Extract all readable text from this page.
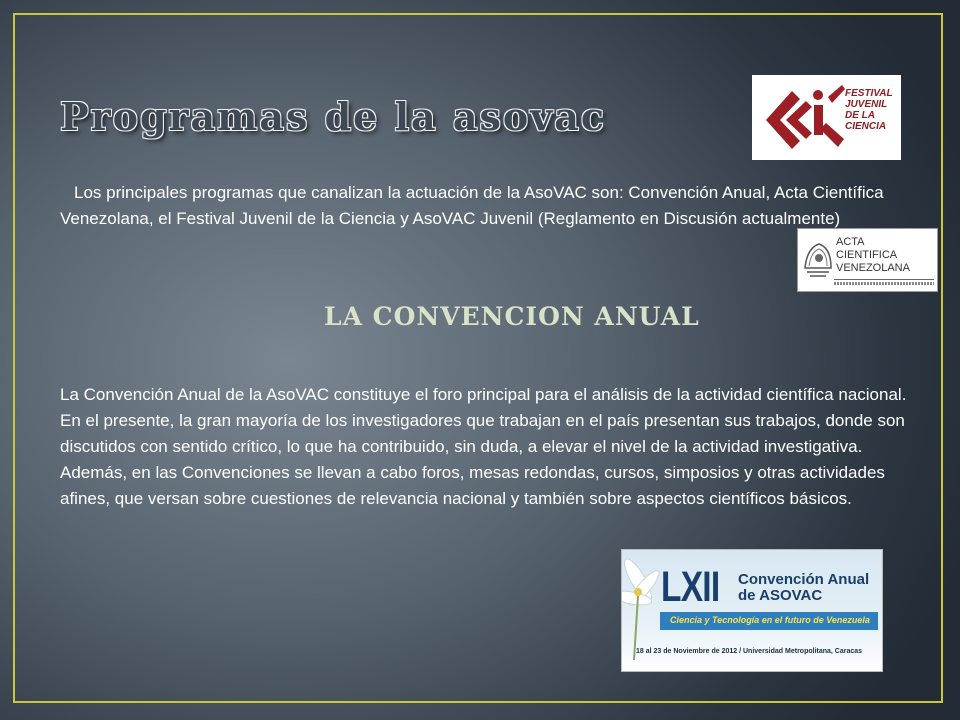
Programas de la asovac

Los principales programas que canalizan la actuación de la AsoVAC son: Convención Anual, Acta Científica Venezolana, el Festival Juvenil de la Ciencia y AsoVAC Juvenil (Reglamento en Discusión actualmente)

LA CONVENCION ANUAL

La Convención Anual de la AsoVAC constituye el foro principal para el análisis de la actividad científica nacional. En el presente, la gran mayoría de los investigadores que trabajan en el país presentan sus trabajos, donde son discutidos con sentido crítico, lo que ha contribuido, sin duda, a elevar el nivel de la actividad investigativa. Además, en las Convenciones se llevan a cabo foros, mesas redondas, cursos, simposios y otras actividades afines, que versan sobre cuestiones de relevancia nacional y también sobre aspectos científicos básicos.

FESTIVAL
JUVENIL
DE LA
CIENCIA
ACTA
CIENTIFICA
VENEZOLANA
LXII Convención Anual
de ASOVAC
Ciencia y Tecnología en el futuro de Venezuela
18 al 23 de Noviembre de 2012 / Universidad Metropolitana, Caracas
